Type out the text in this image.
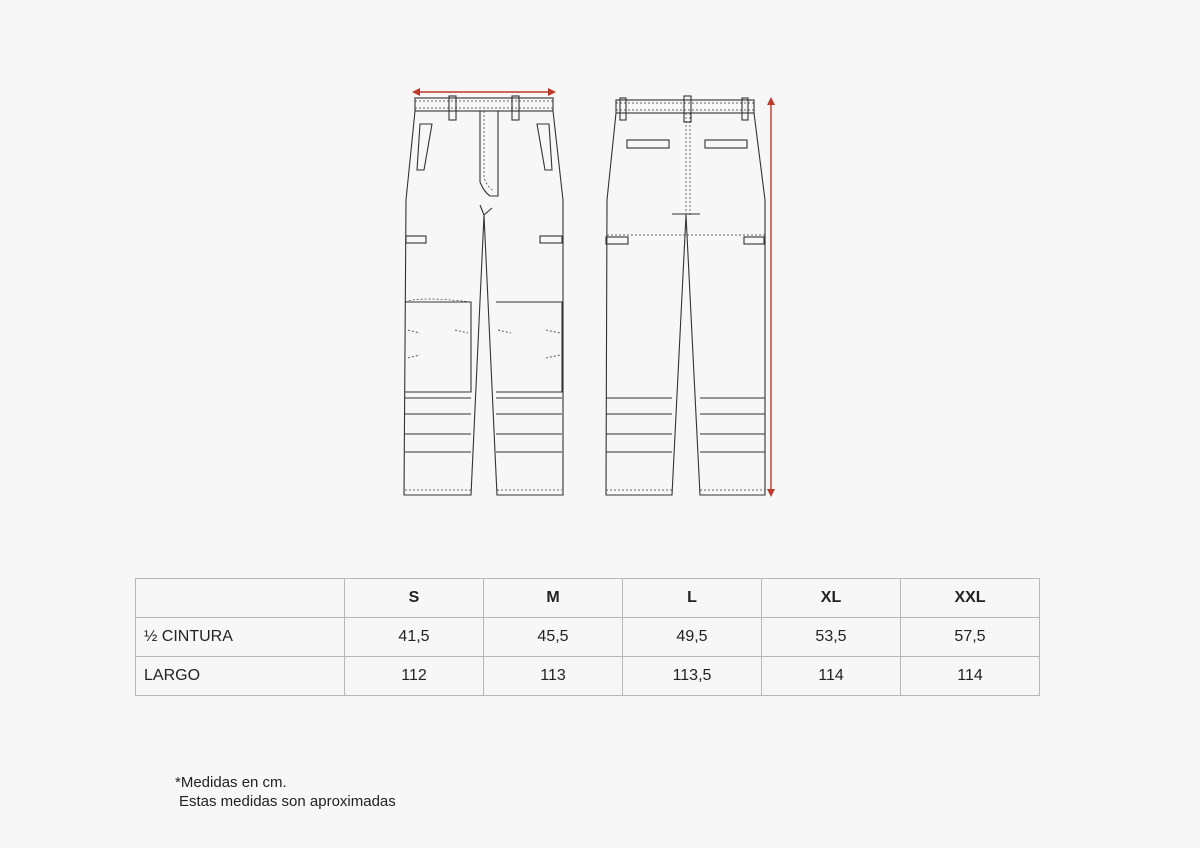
	S	M	L	XL	XXL
½ CINTURA	41,5	45,5	49,5	53,5	57,5
LARGO	112	113	113,5	114	114
*Medidas en cm.
Estas medidas son aproximadas
